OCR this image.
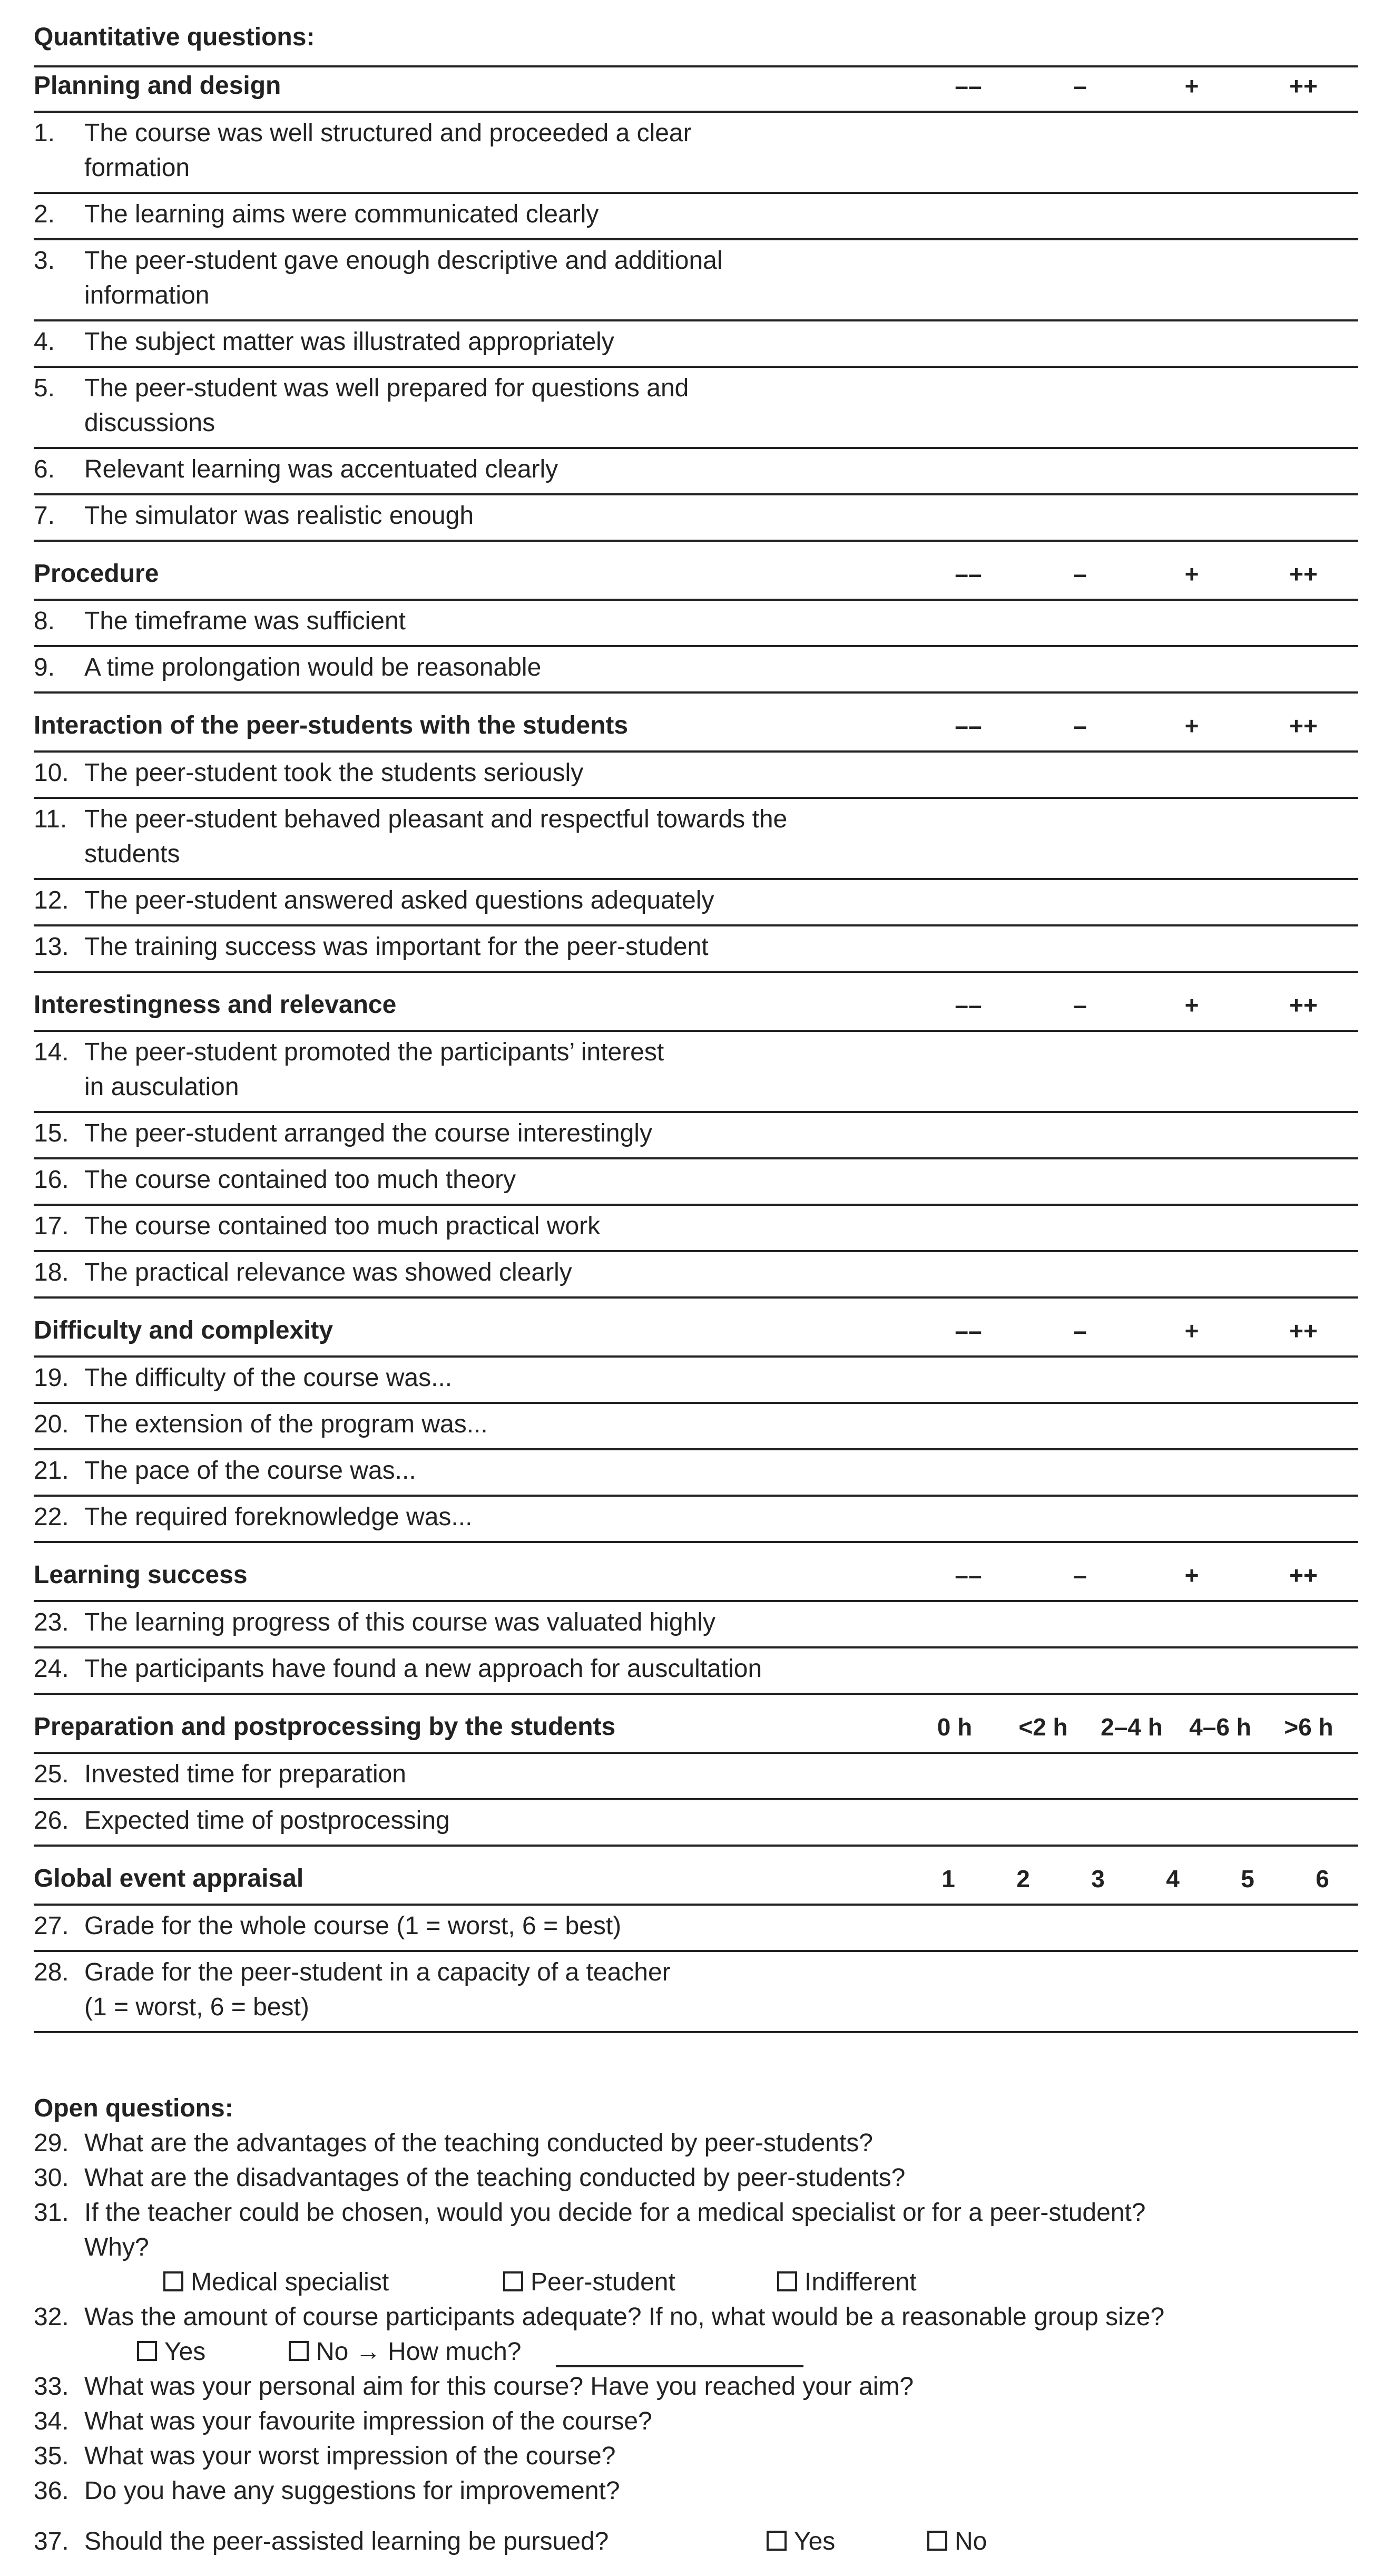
Quantitative questions:
Planning and design	––	–	+	++
1. The course was well structured and proceeded a clear
formation
2. The learning aims were communicated clearly
3. The peer-student gave enough descriptive and additional
information
4. The subject matter was illustrated appropriately
5. The peer-student was well prepared for questions and
discussions
6. Relevant learning was accentuated clearly
7. The simulator was realistic enough
Procedure	––	–	+	++
8. The timeframe was sufficient
9. A time prolongation would be reasonable
Interaction of the peer-students with the students	––	–	+	++
10. The peer-student took the students seriously
11. The peer-student behaved pleasant and respectful towards the
students
12. The peer-student answered asked questions adequately
13. The training success was important for the peer-student
Interestingness and relevance	––	–	+	++
14. The peer-student promoted the participants’ interest
in ausculation
15. The peer-student arranged the course interestingly
16. The course contained too much theory
17. The course contained too much practical work
18. The practical relevance was showed clearly
Difficulty and complexity	––	–	+	++
19. The difficulty of the course was...
20. The extension of the program was...
21. The pace of the course was...
22. The required foreknowledge was...
Learning success	––	–	+	++
23. The learning progress of this course was valuated highly
24. The participants have found a new approach for auscultation
Preparation and postprocessing by the students	0 h	<2 h	2–4 h	4–6 h	>6 h
25. Invested time for preparation
26. Expected time of postprocessing
Global event appraisal	1	2	3	4	5	6
27. Grade for the whole course (1 = worst, 6 = best)
28. Grade for the peer-student in a capacity of a teacher
(1 = worst, 6 = best)
Open questions:
29. What are the advantages of the teaching conducted by peer-students?
30. What are the disadvantages of the teaching conducted by peer-students?
31. If the teacher could be chosen, would you decide for a medical specialist or for a peer-student?
Why?
Medical specialist	Peer-student	Indifferent
32. Was the amount of course participants adequate? If no, what would be a reasonable group size?
Yes	No → How much?
33. What was your personal aim for this course? Have you reached your aim?
34. What was your favourite impression of the course?
35. What was your worst impression of the course?
36. Do you have any suggestions for improvement?
37. Should the peer-assisted learning be pursued?	Yes	No
